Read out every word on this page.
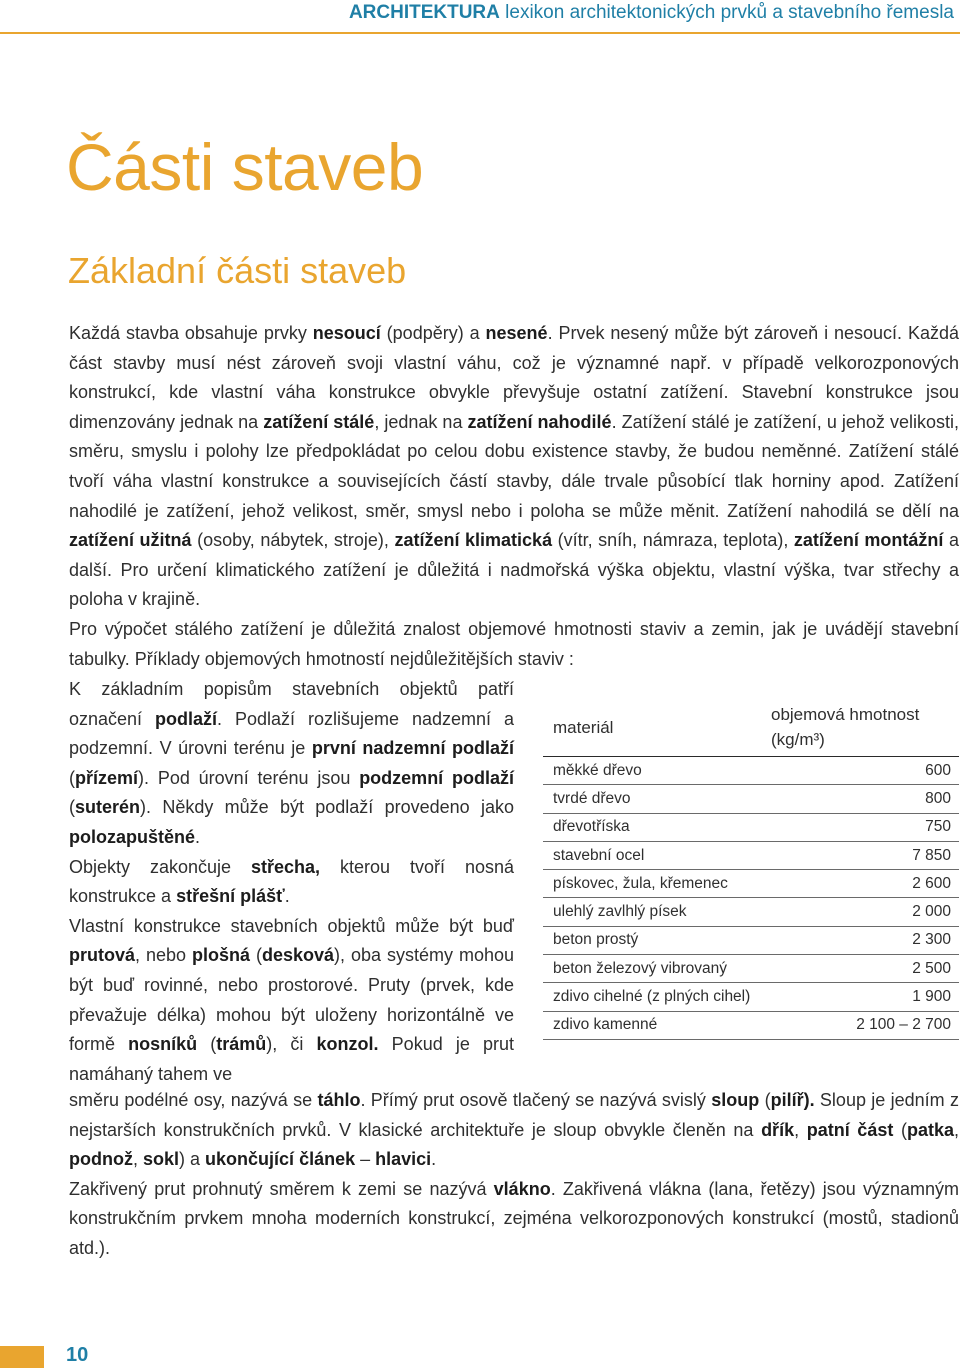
ARCHITEKTURA lexikon architektonických prvků a stavebního řemesla
Části staveb
Základní části staveb

Každá stavba obsahuje prvky nesoucí (podpěry) a nesené. Prvek nesený může být zároveň i nesoucí. Každá část stavby musí nést zároveň svoji vlastní váhu, což je významné např. v případě velkorozponových konstrukcí, kde vlastní váha konstrukce obvykle převyšuje ostatní zatížení. Stavební konstrukce jsou dimenzovány jednak na zatížení stálé, jednak na zatížení nahodilé. Zatížení stálé je zatížení, u jehož velikosti, směru, smyslu i polohy lze předpokládat po celou dobu existence stavby, že budou neměnné. Zatížení stálé tvoří váha vlastní konstrukce a souvisejících částí stavby, dále trvale působící tlak horniny apod. Zatížení nahodilé je zatížení, jehož velikost, směr, smysl nebo i poloha se může měnit. Zatížení nahodilá se dělí na zatížení užitná (osoby, nábytek, stroje), zatížení klimatická (vítr, sníh, námraza, teplota), zatížení montážní a další. Pro určení klimatického zatížení je důležitá i nadmořská výška objektu, vlastní výška, tvar střechy a poloha v krajině.

Pro výpočet stálého zatížení je důležitá znalost objemové hmotnosti staviv a zemin, jak je uvádějí stavební tabulky. Příklady objemových hmotností nejdůležitějších staviv :

K základním popisům stavebních objektů patří označení podlaží. Podlaží rozlišujeme nadzemní a podzemní. V úrovni terénu je první nadzemní podlaží (přízemí). Pod úrovní terénu jsou podzemní podlaží (suterén). Někdy může být podlaží provedeno jako polozapuštěné.

Objekty zakončuje střecha, kterou tvoří nosná konstrukce a střešní plášť.

Vlastní konstrukce stavebních objektů může být buď prutová, nebo plošná (desková), oba systémy mohou být buď rovinné, nebo prostorové. Pruty (prvek, kde převažuje délka) mohou být uloženy horizontálně ve formě nosníků (trámů), či konzol. Pokud je prut namáhaný tahem ve

materiál	objemová hmotnost (kg/m³)
měkké dřevo	600
tvrdé dřevo	800
dřevotříska	750
stavební ocel	7 850
pískovec, žula, křemenec	2 600
ulehlý zavlhlý písek	2 000
beton prostý	2 300
beton železový vibrovaný	2 500
zdivo cihelné (z plných cihel)	1 900
zdivo kamenné	2 100 – 2 700

směru podélné osy, nazývá se táhlo. Přímý prut osově tlačený se nazývá svislý sloup (pilíř). Sloup je jedním z nejstarších konstrukčních prvků. V klasické architektuře je sloup obvykle členěn na dřík, patní část (patka, podnož, sokl) a ukončující článek – hlavici.

Zakřivený prut prohnutý směrem k zemi se nazývá vlákno. Zakřivená vlákna (lana, řetězy) jsou významným konstrukčním prvkem mnoha moderních konstrukcí, zejména velkorozponových konstrukcí (mostů, stadionů atd.).

10
